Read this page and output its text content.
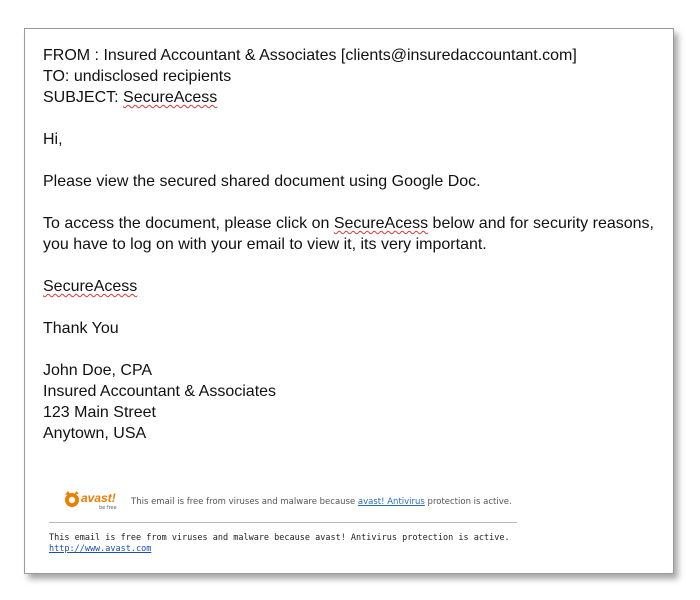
FROM : Insured Accountant & Associates [clients@insuredaccountant.com]
TO: undisclosed recipients
SUBJECT: SecureAcess
Hi,
Please view the secured shared document using Google Doc.
To access the document, please click on SecureAcess below and for security reasons,
you have to log on with your email to view it, its very important.
SecureAcess
Thank You
John Doe, CPA
Insured Accountant & Associates
123 Main Street
Anytown, USA
avast!
be free
This email is free from viruses and malware because avast! Antivirus protection is active.
This email is free from viruses and malware because avast! Antivirus protection is active.
http://www.avast.com
